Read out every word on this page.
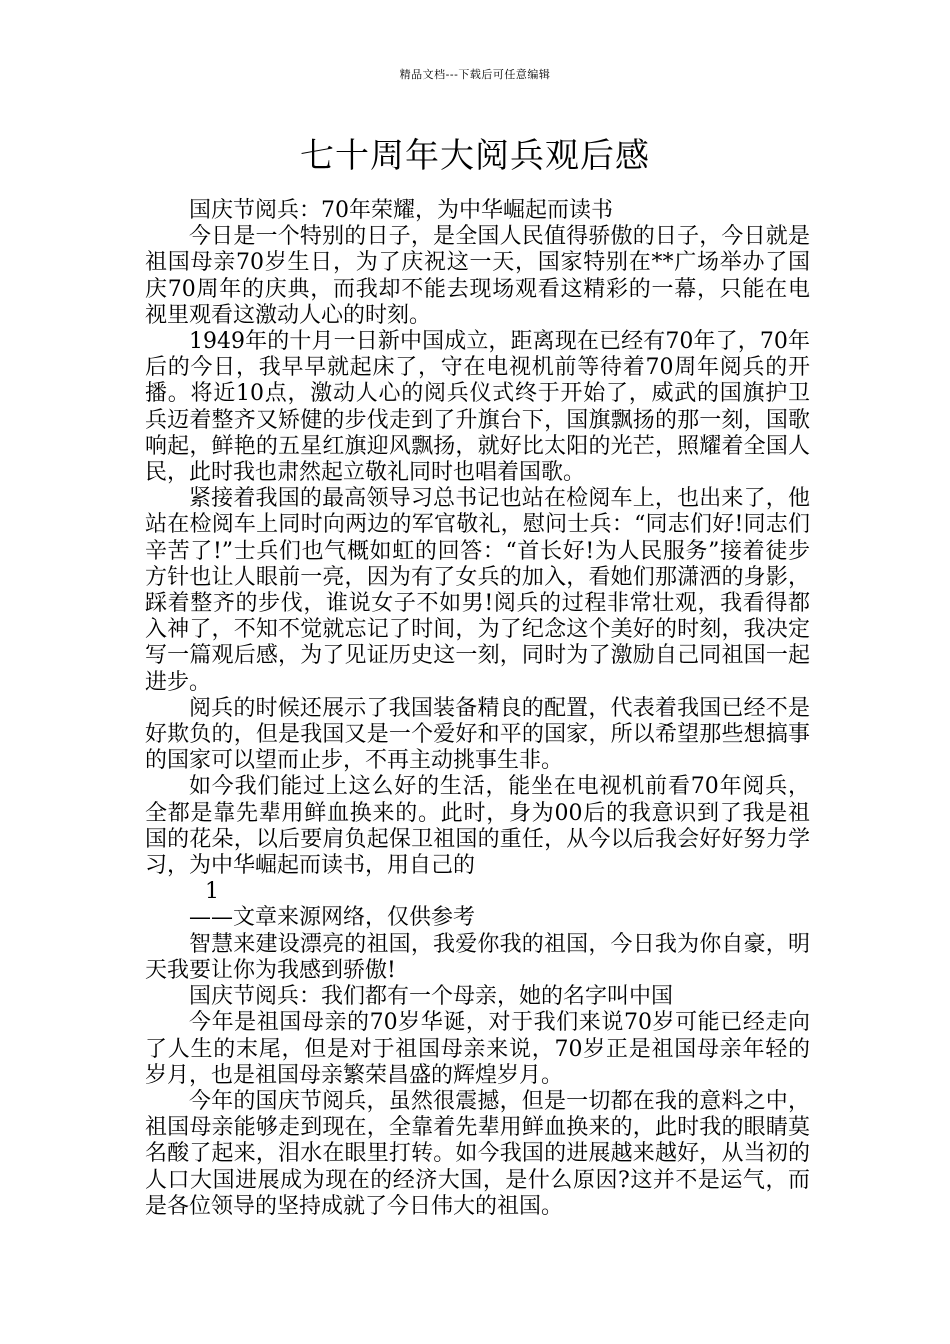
精品文档---下载后可任意编辑
七十周年大阅兵观后感

国庆节阅兵：70年荣耀，为中华崛起而读书

今日是一个特别的日子，是全国人民值得骄傲的日子，今日就是祖国母亲70岁生日，为了庆祝这一天，国家特别在**广场举办了国庆70周年的庆典，而我却不能去现场观看这精彩的一幕，只能在电视里观看这激动人心的时刻。

1949年的十月一日新中国成立，距离现在已经有70年了，70年后的今日，我早早就起床了，守在电视机前等待着70周年阅兵的开播。将近10点，激动人心的阅兵仪式终于开始了，威武的国旗护卫兵迈着整齐又矫健的步伐走到了升旗台下，国旗飘扬的那一刻，国歌响起，鲜艳的五星红旗迎风飘扬，就好比太阳的光芒，照耀着全国人民，此时我也肃然起立敬礼同时也唱着国歌。

紧接着我国的最高领导习总书记也站在检阅车上，也出来了，他站在检阅车上同时向两边的军官敬礼，慰问士兵：“同志们好!同志们辛苦了!”士兵们也气概如虹的回答：“首长好!为人民服务”接着徒步方针也让人眼前一亮，因为有了女兵的加入，看她们那潇洒的身影，踩着整齐的步伐，谁说女子不如男!阅兵的过程非常壮观，我看得都入神了，不知不觉就忘记了时间，为了纪念这个美好的时刻，我决定写一篇观后感，为了见证历史这一刻，同时为了激励自己同祖国一起进步。

阅兵的时候还展示了我国装备精良的配置，代表着我国已经不是好欺负的，但是我国又是一个爱好和平的国家，所以希望那些想搞事的国家可以望而止步，不再主动挑事生非。

如今我们能过上这么好的生活，能坐在电视机前看70年阅兵，全都是靠先辈用鲜血换来的。此时，身为00后的我意识到了我是祖国的花朵，以后要肩负起保卫祖国的重任，从今以后我会好好努力学习，为中华崛起而读书，用自己的

1

——文章来源网络，仅供参考

智慧来建设漂亮的祖国，我爱你我的祖国，今日我为你自豪，明天我要让你为我感到骄傲!

国庆节阅兵：我们都有一个母亲，她的名字叫中国

今年是祖国母亲的70岁华诞，对于我们来说70岁可能已经走向了人生的末尾，但是对于祖国母亲来说，70岁正是祖国母亲年轻的岁月，也是祖国母亲繁荣昌盛的辉煌岁月。

今年的国庆节阅兵，虽然很震撼，但是一切都在我的意料之中，祖国母亲能够走到现在，全靠着先辈用鲜血换来的，此时我的眼睛莫名酸了起来，泪水在眼里打转。如今我国的进展越来越好，从当初的人口大国进展成为现在的经济大国，是什么原因?这并不是运气，而是各位领导的坚持成就了今日伟大的祖国。
